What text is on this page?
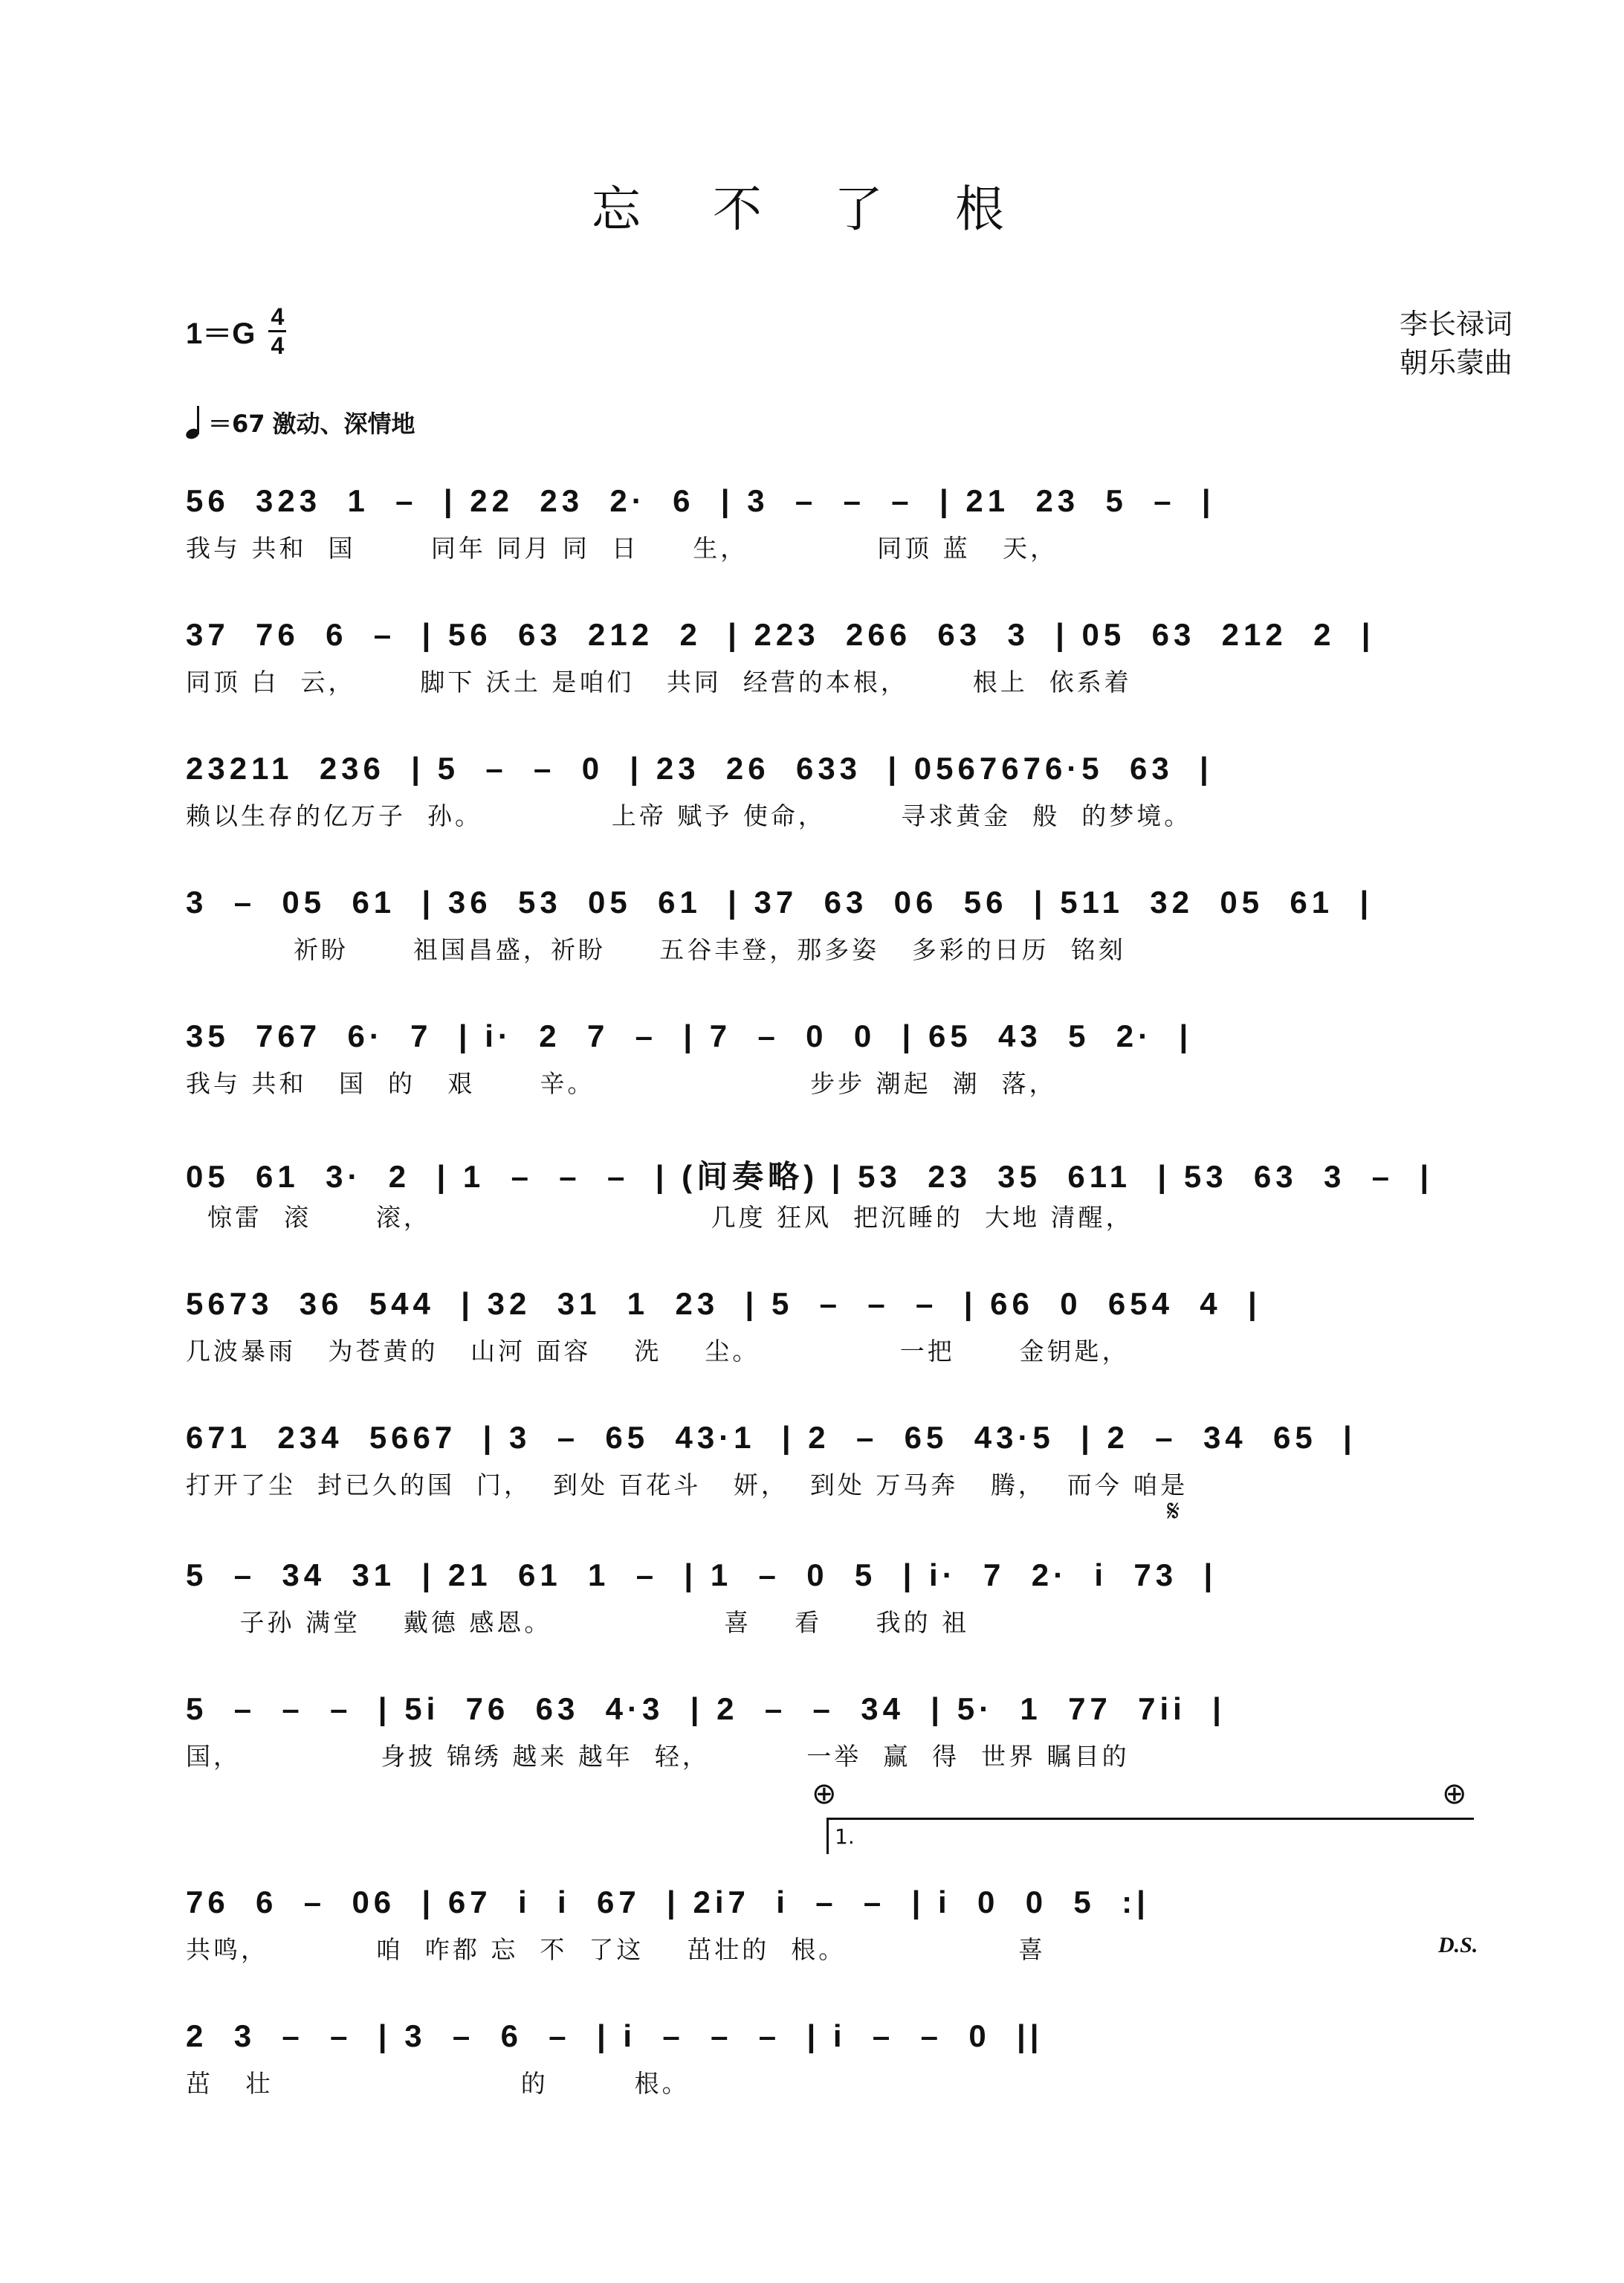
忘 不 了 根
$1=G \frac{4}{4}$	李长禄词
朝乐蒙曲
＝67 激动、深情地
56  323  1  –  | 22  23  2·  6  | 3  –  –  –  | 21  23  5  –  |
我与 共和  国       同年 同月 同  日     生，            同顶 蓝   天，
37  76  6  –  | 56  63  212  2  | 223  266  63  3  | 05  63  212  2  |
同顶 白  云，      脚下 沃土 是咱们   共同  经营的本根，      根上  依系着
23211  236  | 5  –  –  0  | 23  26  633  | 0567676·5  63  |
赖以生存的亿万子  孙。            上帝 赋予 使命，       寻求黄金  般  的梦境。
3  –  05  61  | 36  53  05  61  | 37  63  06  56  | 511  32  05  61  |
祈盼      祖国昌盛，祈盼     五谷丰登，那多姿   多彩的日历  铭刻
35  767  6·  7  | i·  2  7  –  | 7  –  0  0  | 65  43  5  2·  |
我与 共和   国  的   艰      辛。                    步步 潮起  潮  落，
05  61  3·  2  | 1  –  –  –  | (间奏略) | 53  23  35  611  | 53  63  3  –  |
惊雷  滚      滚，                          几度 狂风  把沉睡的  大地 清醒，
5673  36  544  | 32  31  1  23  | 5  –  –  –  | 66  0  654  4  |
几波暴雨   为苍黄的   山河 面容    洗    尘。             一把      金钥匙，
671  234  5667  | 3  –  65  43·1  | 2  –  65  43·5  | 2  –  34  65  |
打开了尘  封已久的国  门，  到处 百花斗   妍，  到处 万马奔   腾，  而今 咱是
5  –  34  31  | 21  61  1  –  | 1  –  0  5  | i·  7  2·  i  73  |
子孙 满堂    戴德 感恩。                喜    看     我的 祖
5  –  –  –  | 5i  76  63  4·3  | 2  –  –  34  | 5·  1  77  7ii  |
国，             身披 锦绣 越来 越年  轻，         一举  赢  得  世界 瞩目的
76  6  –  06  | 67  i  i  67  | 2i7  i  –  –  | i  0  0  5  :|
共鸣，          咱  咋都 忘  不  了这    茁壮的  根。                喜
2  3  –  –  | 3  –  6  –  | i  –  –  –  | i  –  –  0  ||
茁   壮                       的        根。
𝄋
⊕	⊕
1.
D.S.
